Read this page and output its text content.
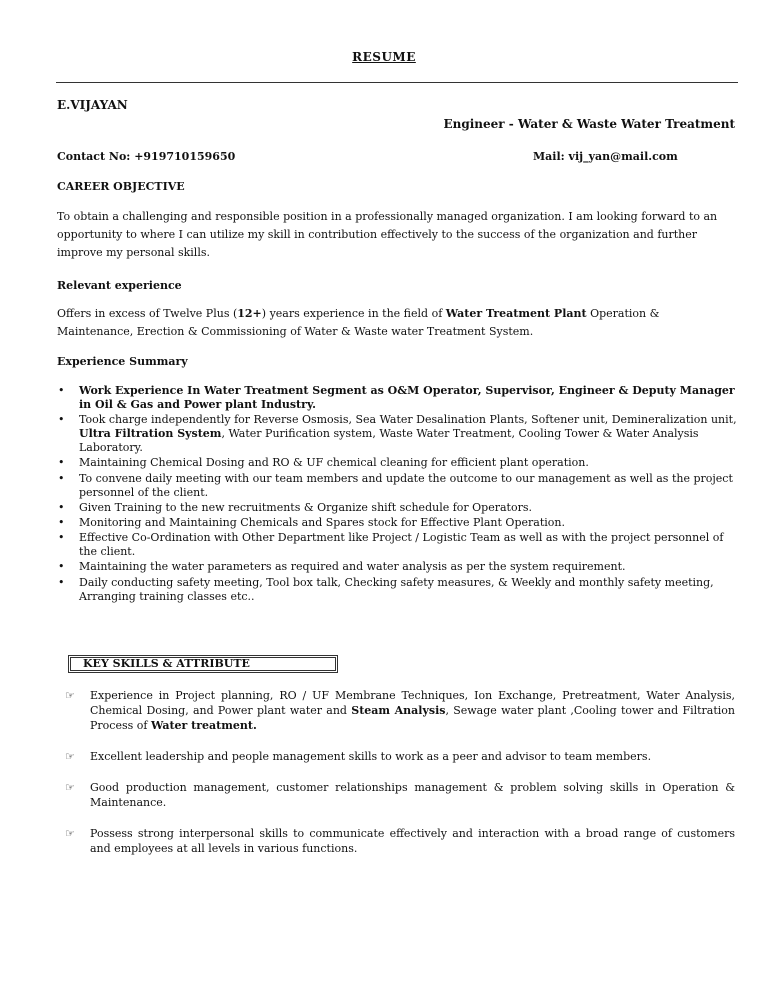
RESUME
E.VIJAYAN
Engineer - Water & Waste Water Treatment
Contact No: +919710159650	Mail: vij_yan@mail.com
CAREER OBJECTIVE
To obtain a challenging and responsible position in a professionally managed organization. I am looking forward to an opportunity to where I can utilize my skill in contribution effectively to the success of the organization and further improve my personal skills.
Relevant experience
Offers in excess of Twelve Plus (12+) years experience in the field of Water Treatment Plant Operation & Maintenance, Erection & Commissioning of Water & Waste water Treatment System.
Experience Summary
• Work Experience In Water Treatment Segment as O&M Operator, Supervisor, Engineer & Deputy Manager in Oil & Gas and Power plant Industry.
• Took charge independently for Reverse Osmosis, Sea Water Desalination Plants, Softener unit, Demineralization unit, Ultra Filtration System, Water Purification system, Waste Water Treatment, Cooling Tower & Water Analysis Laboratory.
• Maintaining Chemical Dosing and RO & UF chemical cleaning for efficient plant operation.
• To convene daily meeting with our team members and update the outcome to our management as well as the project personnel of the client.
• Given Training to the new recruitments & Organize shift schedule for Operators.
• Monitoring and Maintaining Chemicals and Spares stock for Effective Plant Operation.
• Effective Co-Ordination with Other Department like Project / Logistic Team as well as with the project personnel of the client.
• Maintaining the water parameters as required and water analysis as per the system requirement.
• Daily conducting safety meeting, Tool box talk, Checking safety measures, & Weekly and monthly safety meeting, Arranging training classes etc..
KEY SKILLS & ATTRIBUTE
☞ Experience in Project planning, RO / UF Membrane Techniques, Ion Exchange, Pretreatment, Water Analysis, Chemical Dosing, and Power plant water and Steam Analysis, Sewage water plant ,Cooling tower and Filtration Process of Water treatment.
☞ Excellent leadership and people management skills to work as a peer and advisor to team members.
☞ Good production management, customer relationships management & problem solving skills in Operation & Maintenance.
☞ Possess strong interpersonal skills to communicate effectively and interaction with a broad range of customers and employees at all levels in various functions.
